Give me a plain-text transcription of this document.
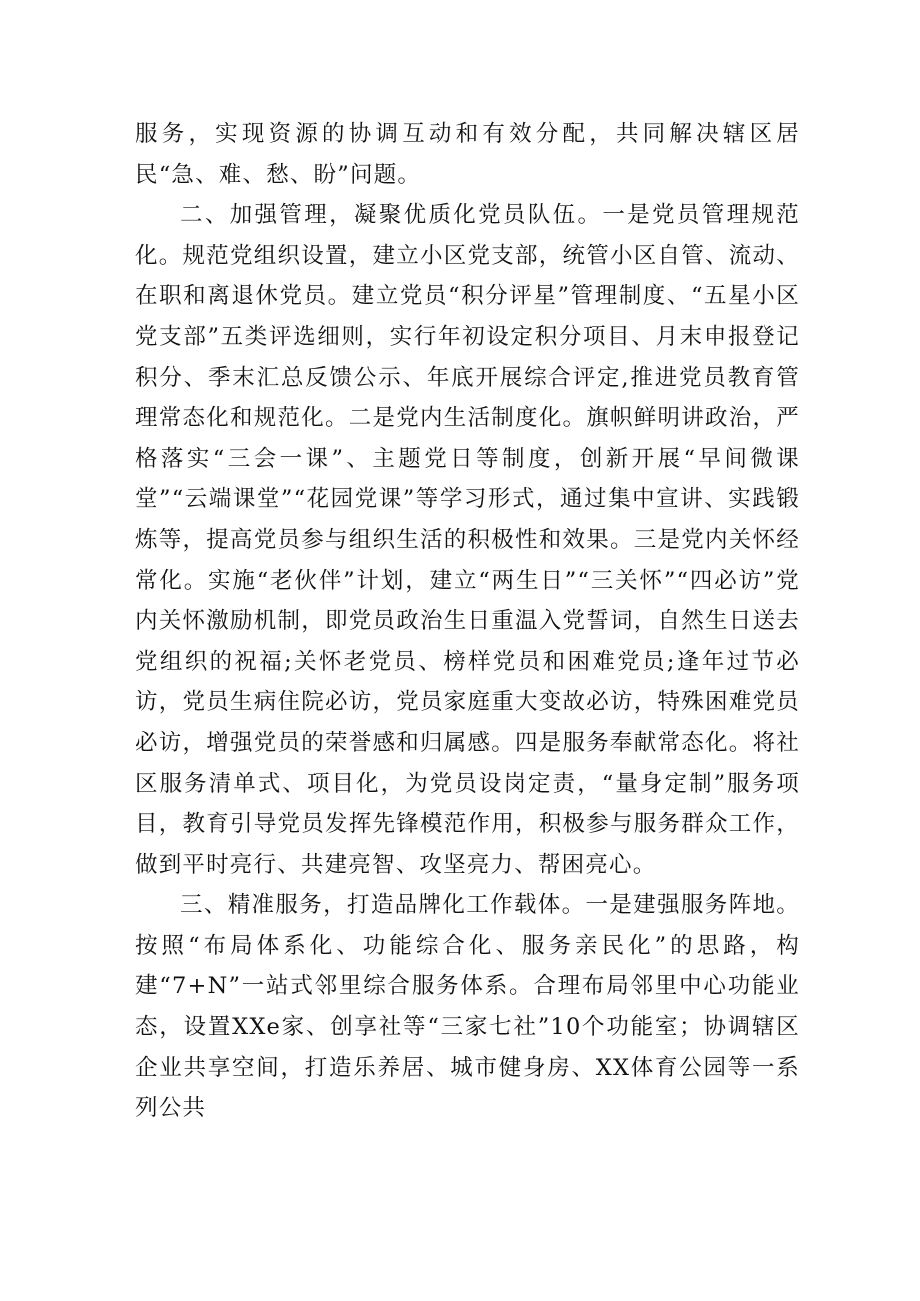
服务，实现资源的协调互动和有效分配，共同解决辖区居民“急、难、愁、盼”问题。

二、加强管理，凝聚优质化党员队伍。一是党员管理规范化。规范党组织设置，建立小区党支部，统管小区自管、流动、在职和离退休党员。建立党员“积分评星”管理制度、“五星小区党支部”五类评选细则，实行年初设定积分项目、月末申报登记积分、季末汇总反馈公示、年底开展综合评定,推进党员教育管理常态化和规范化。二是党内生活制度化。旗帜鲜明讲政治，严格落实“三会一课”、主题党日等制度，创新开展“早间微课堂”“云端课堂”“花园党课”等学习形式，通过集中宣讲、实践锻炼等，提高党员参与组织生活的积极性和效果。三是党内关怀经常化。实施“老伙伴”计划，建立“两生日”“三关怀”“四必访”党内关怀激励机制，即党员政治生日重温入党誓词，自然生日送去党组织的祝福;关怀老党员、榜样党员和困难党员;逢年过节必访，党员生病住院必访，党员家庭重大变故必访，特殊困难党员必访，增强党员的荣誉感和归属感。四是服务奉献常态化。将社区服务清单式、项目化，为党员设岗定责，“量身定制”服务项目，教育引导党员发挥先锋模范作用，积极参与服务群众工作，做到平时亮行、共建亮智、攻坚亮力、帮困亮心。

三、精准服务，打造品牌化工作载体。一是建强服务阵地。按照“布局体系化、功能综合化、服务亲民化”的思路，构建“7+N”一站式邻里综合服务体系。合理布局邻里中心功能业态，设置XXe家、创享社等“三家七社”10个功能室；协调辖区企业共享空间，打造乐养居、城市健身房、XX体育公园等一系列公共
